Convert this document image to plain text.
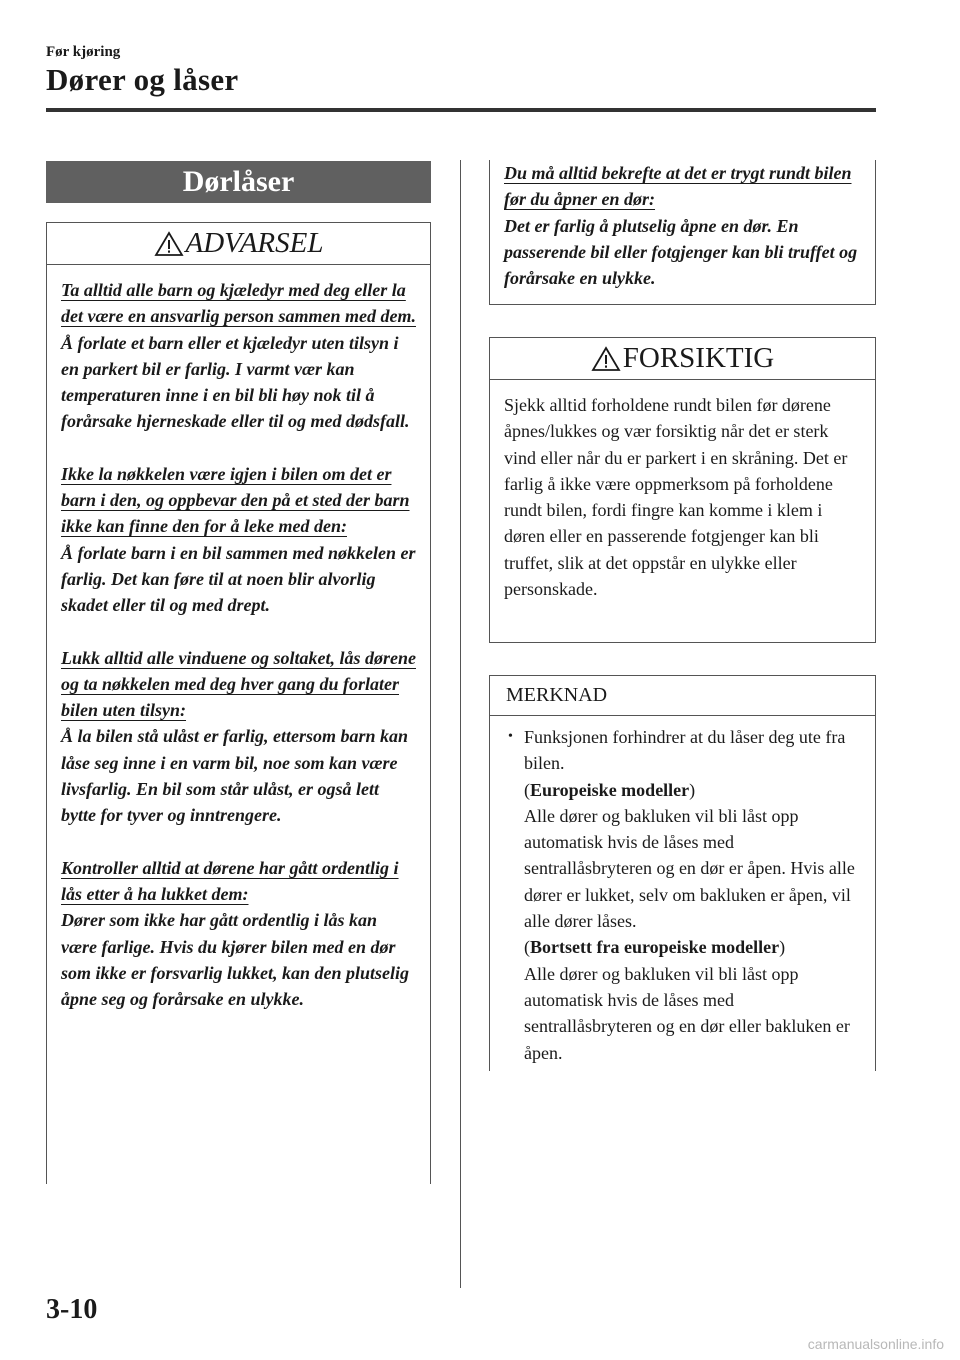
Før kjøring
Dører og låser
Dørlåser
ADVARSEL

Ta alltid alle barn og kjæledyr med deg eller la det være en ansvarlig person sammen med dem.

Å forlate et barn eller et kjæledyr uten tilsyn i en parkert bil er farlig. I varmt vær kan temperaturen inne i en bil bli høy nok til å forårsake hjerneskade eller til og med dødsfall.

Ikke la nøkkelen være igjen i bilen om det er barn i den, og oppbevar den på et sted der barn ikke kan finne den for å leke med den:

Å forlate barn i en bil sammen med nøkkelen er farlig. Det kan føre til at noen blir alvorlig skadet eller til og med drept.

Lukk alltid alle vinduene og soltaket, lås dørene og ta nøkkelen med deg hver gang du forlater bilen uten tilsyn:

Å la bilen stå ulåst er farlig, ettersom barn kan låse seg inne i en varm bil, noe som kan være livsfarlig. En bil som står ulåst, er også lett bytte for tyver og inntrengere.

Kontroller alltid at dørene har gått ordentlig i lås etter å ha lukket dem:

Dører som ikke har gått ordentlig i lås kan være farlige. Hvis du kjører bilen med en dør som ikke er forsvarlig lukket, kan den plutselig åpne seg og forårsake en ulykke.

Du må alltid bekrefte at det er trygt rundt bilen før du åpner en dør:

Det er farlig å plutselig åpne en dør. En passerende bil eller fotgjenger kan bli truffet og forårsake en ulykke.

FORSIKTIG
Sjekk alltid forholdene rundt bilen før dørene åpnes/lukkes og vær forsiktig når det er sterk vind eller når du er parkert i en skråning. Det er farlig å ikke være oppmerksom på forholdene rundt bilen, fordi fingre kan komme i klem i døren eller en passerende fotgjenger kan bli truffet, slik at det oppstår en ulykke eller personskade.
MERKNAD
• Funksjonen forhindrer at du låser deg ute fra bilen.
(Europeiske modeller)
Alle dører og bakluken vil bli låst opp automatisk hvis de låses med sentrallåsbryteren og en dør er åpen. Hvis alle dører er lukket, selv om bakluken er åpen, vil alle dører låses.
(Bortsett fra europeiske modeller)
Alle dører og bakluken vil bli låst opp automatisk hvis de låses med sentrallåsbryteren og en dør eller bakluken er åpen.
3-10
carmanualsonline.info
